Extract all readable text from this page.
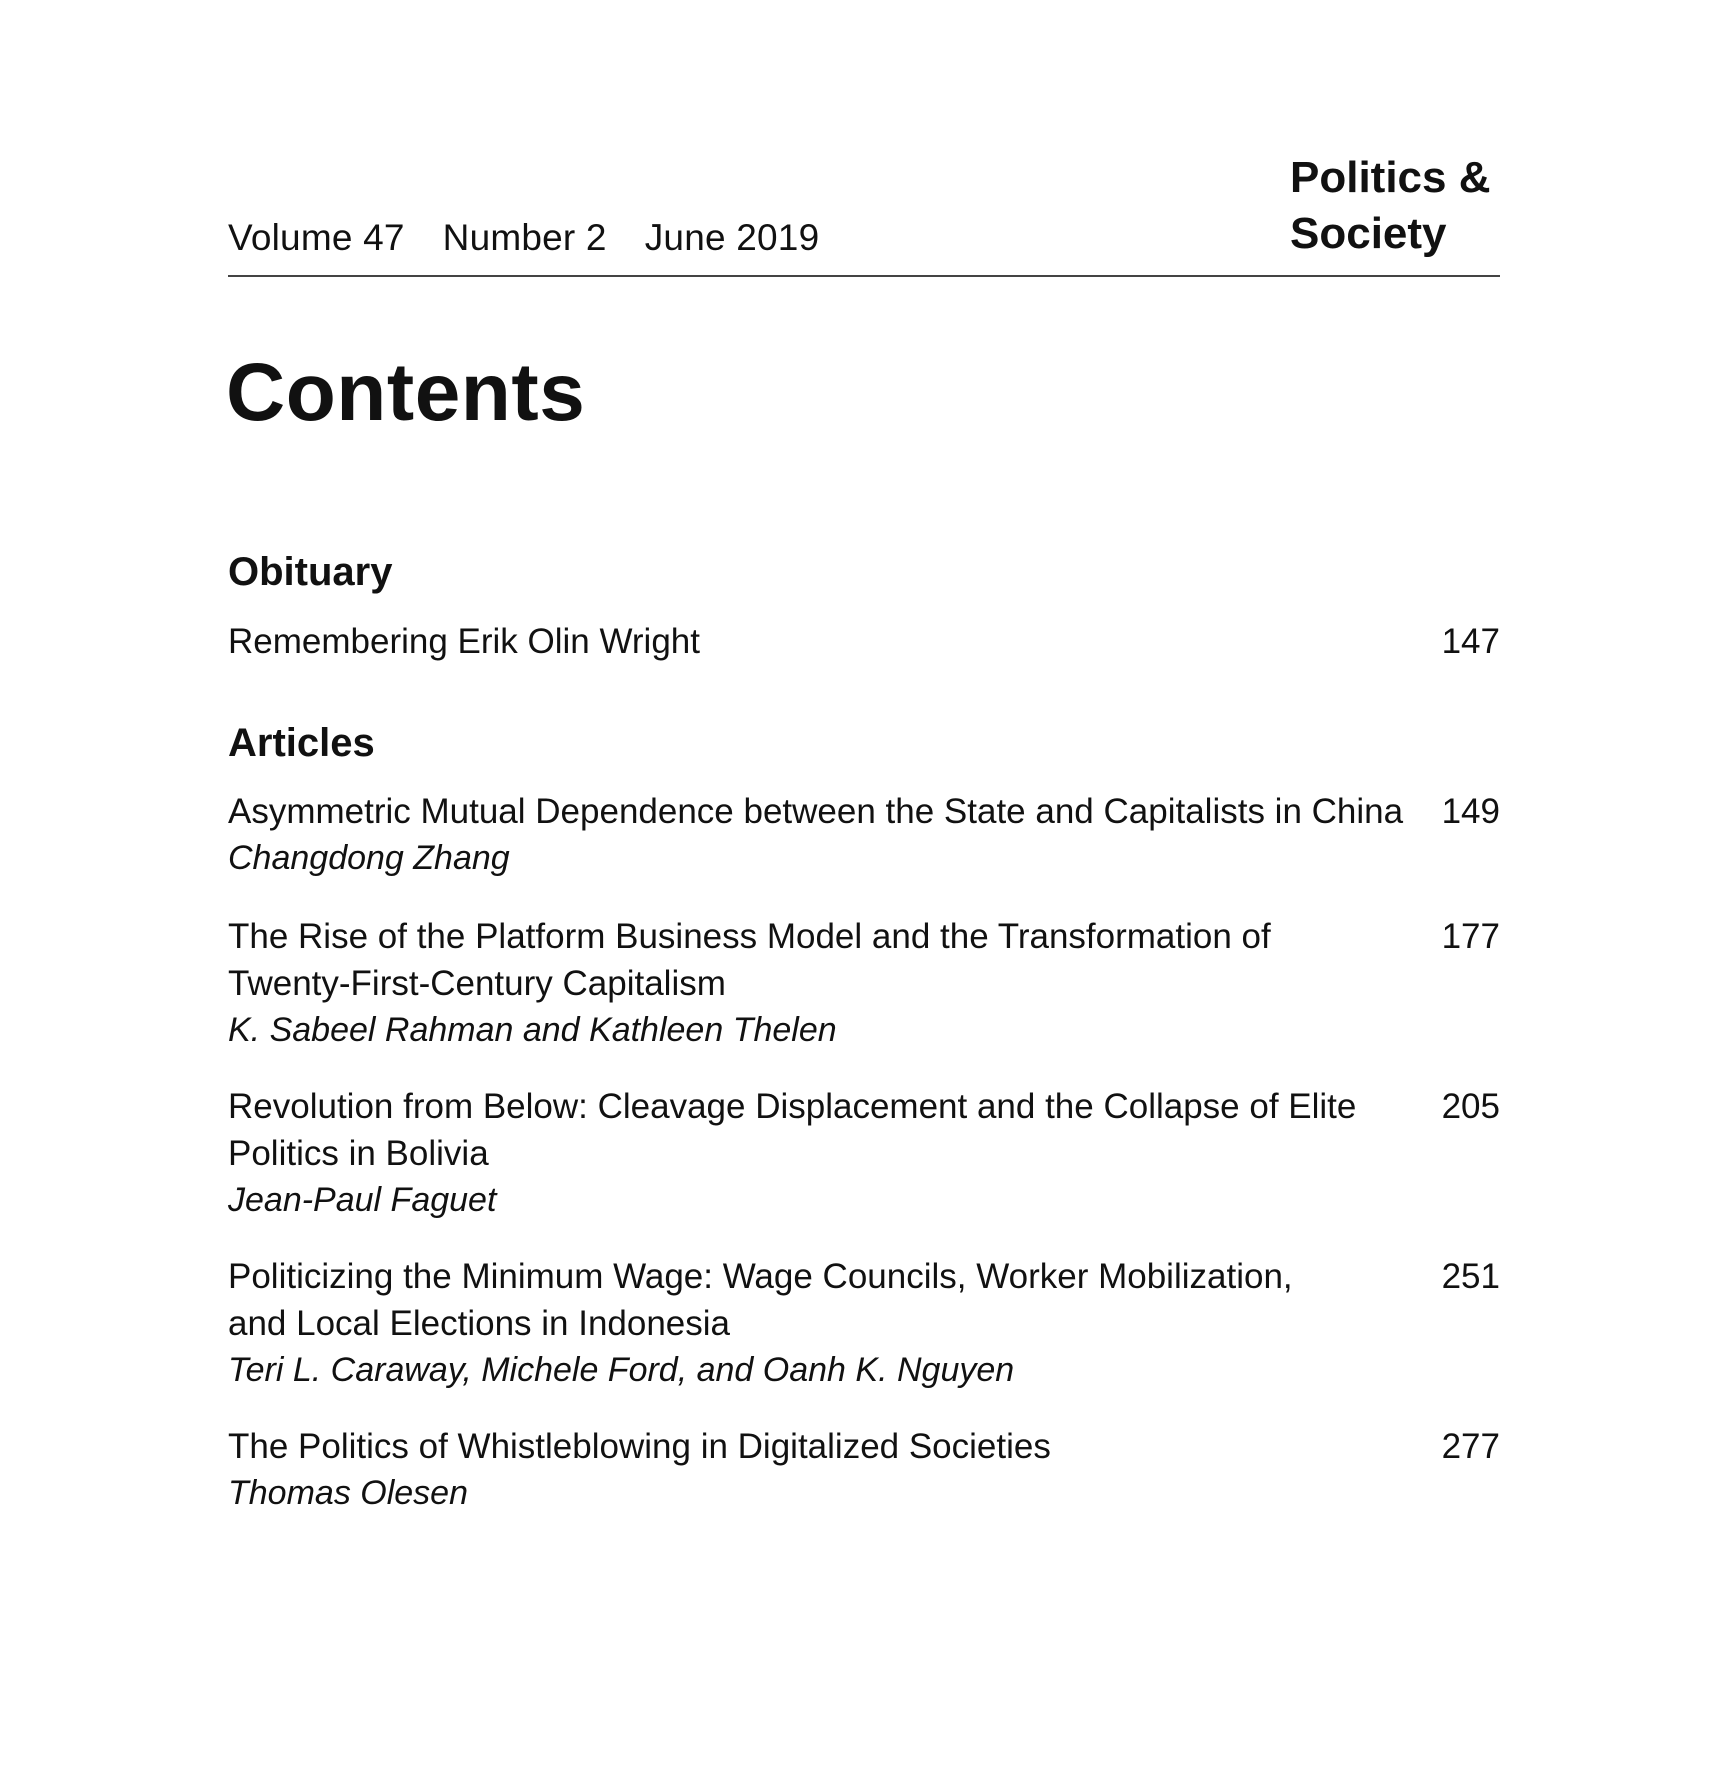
Volume 47 Number 2 June 2019
Politics &
Society
Contents
Obituary
Remembering Erik Olin Wright	147
Articles
Asymmetric Mutual Dependence between the State and Capitalists in China
Changdong Zhang
149
The Rise of the Platform Business Model and the Transformation of
Twenty-First-Century Capitalism
K. Sabeel Rahman and Kathleen Thelen
177
Revolution from Below: Cleavage Displacement and the Collapse of Elite
Politics in Bolivia
Jean-Paul Faguet
205
Politicizing the Minimum Wage: Wage Councils, Worker Mobilization,
and Local Elections in Indonesia
Teri L. Caraway, Michele Ford, and Oanh K. Nguyen
251
The Politics of Whistleblowing in Digitalized Societies
Thomas Olesen
277
